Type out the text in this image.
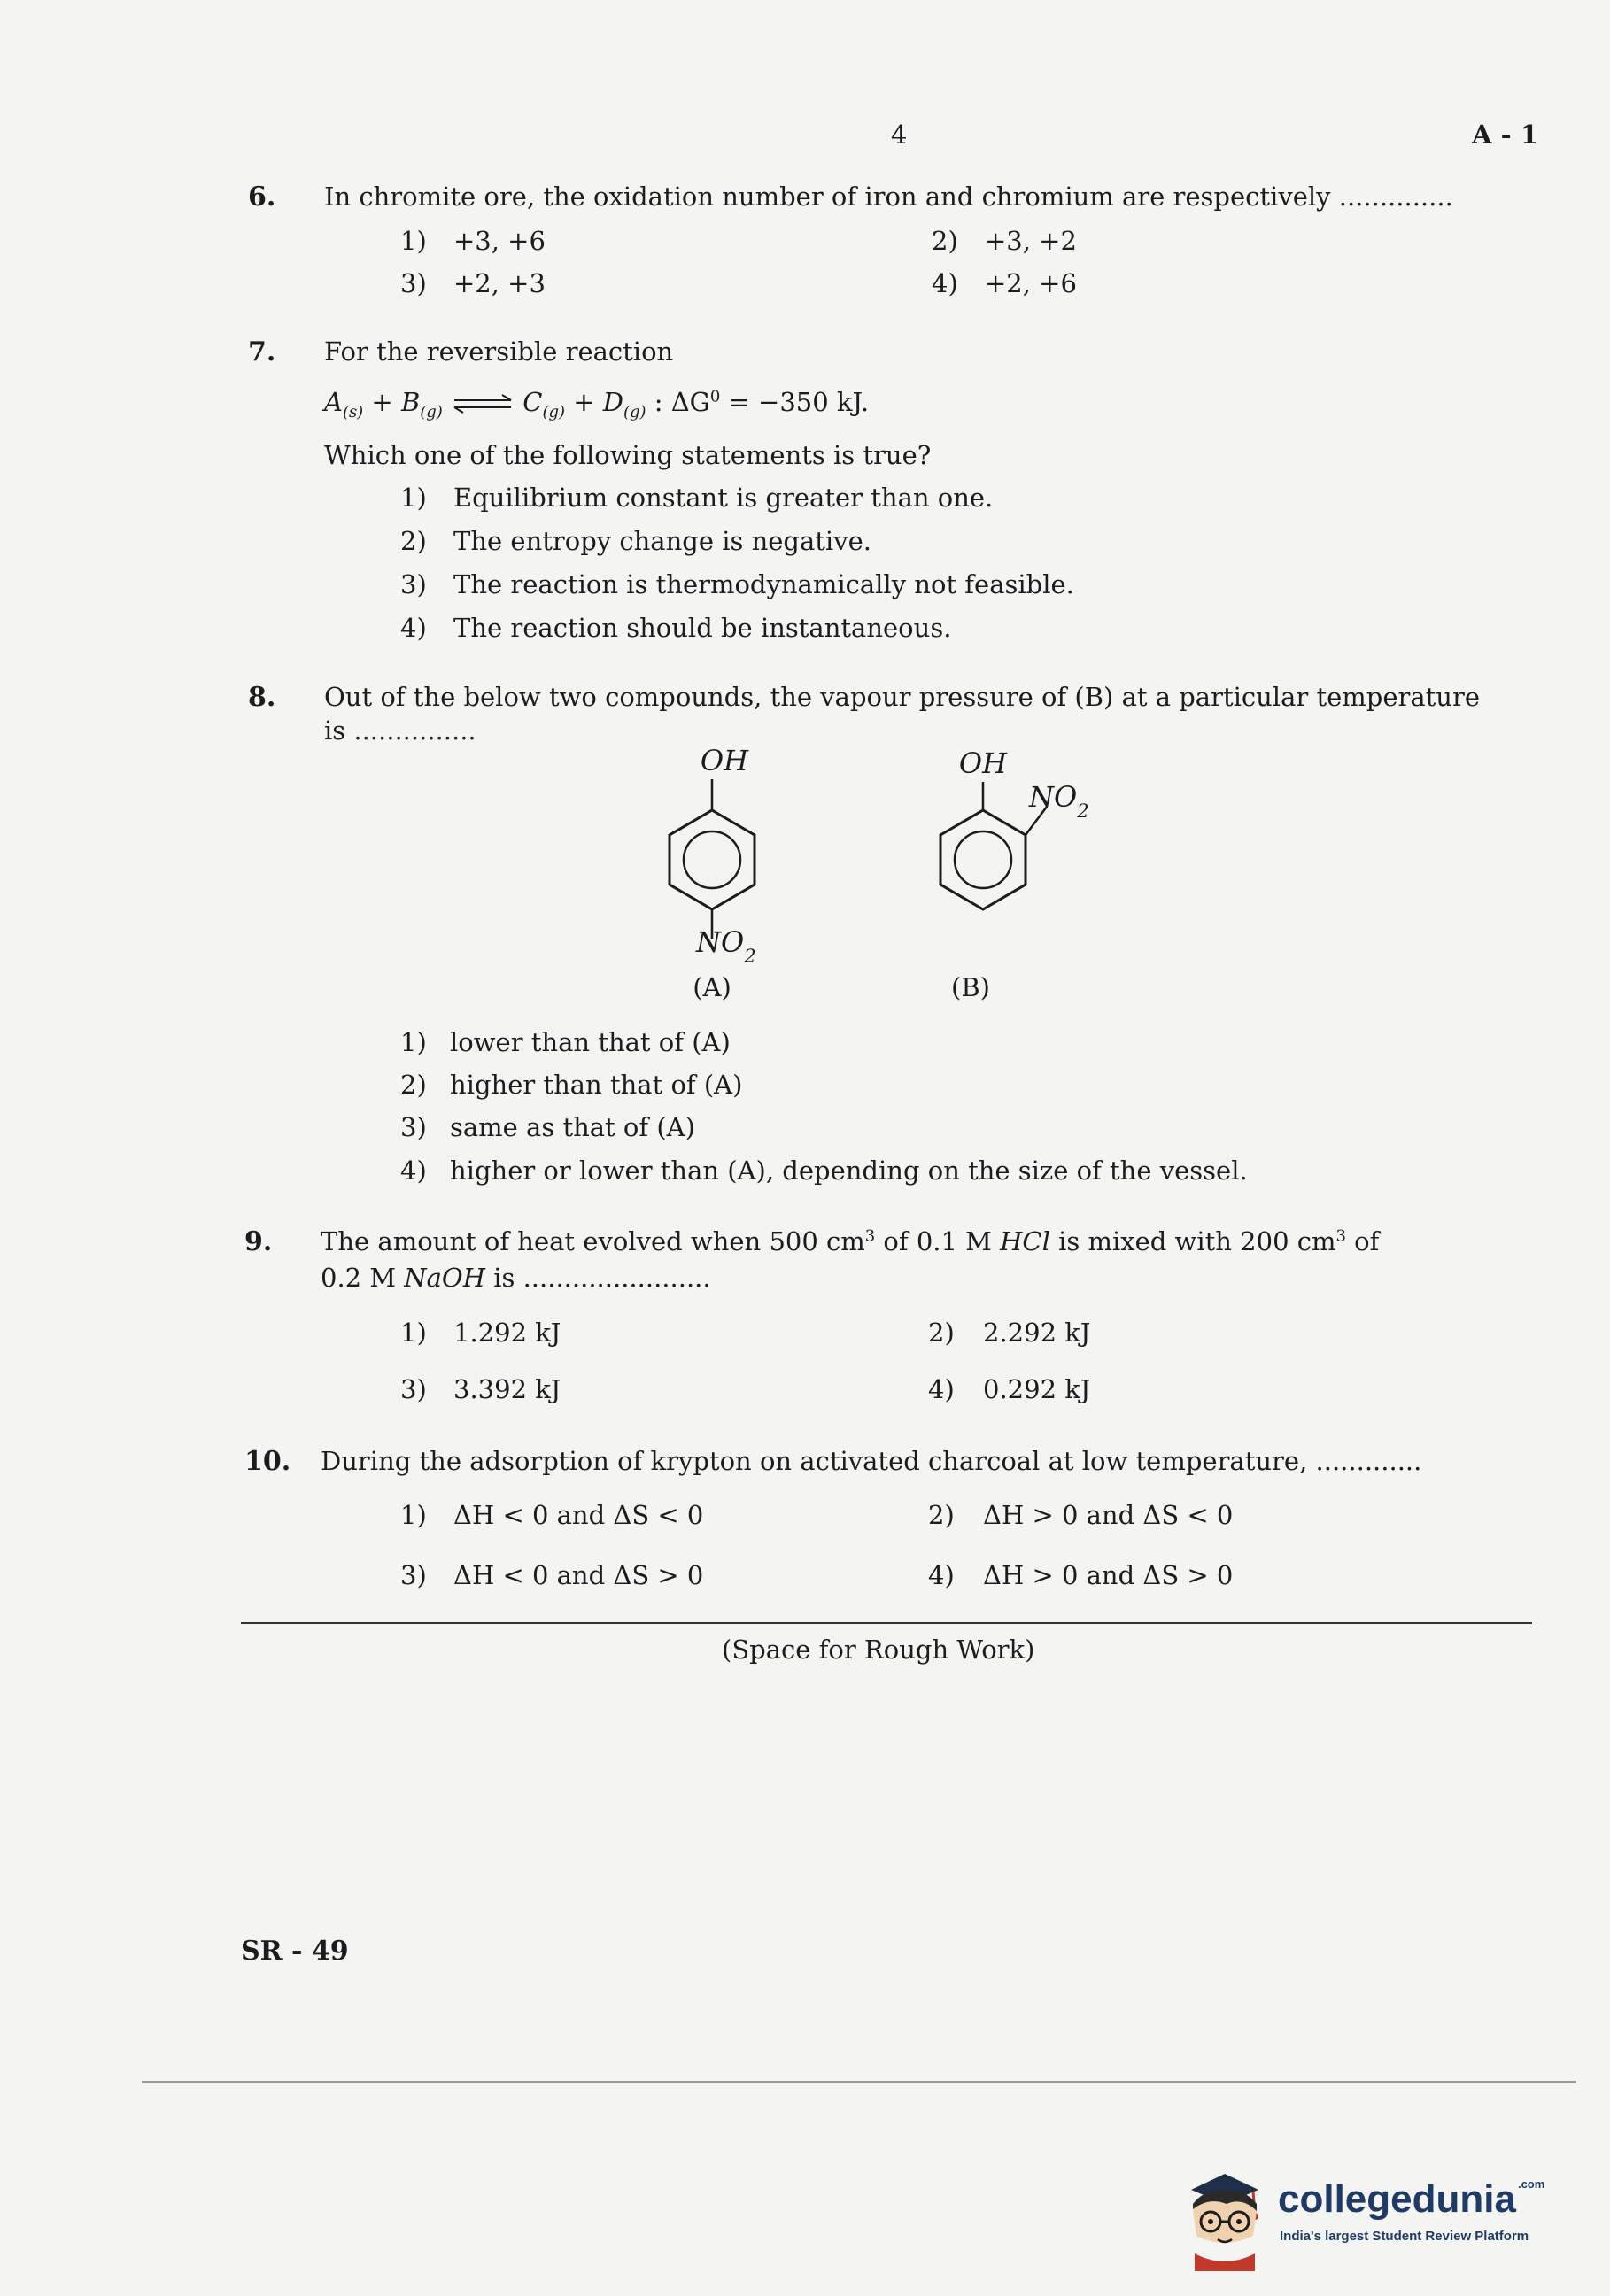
4	A - 1
6. In chromite ore, the oxidation number of iron and chromium are respectively ..............
1) +3, +6	2) +3, +2
3) +2, +3	4) +2, +6
7. For the reversible reaction
$A_{(s)} + B_{(g)}$ ⇌ $C_{(g)} + D_{(g)}$ : $\Delta G^0 = -350$ kJ.
Which one of the following statements is true?
1) Equilibrium constant is greater than one.
2) The entropy change is negative.
3) The reaction is thermodynamically not feasible.
4) The reaction should be instantaneous.
8. Out of the below two compounds, the vapour pressure of (B) at a particular temperature
is ...............
OH
$NO_2$
(A)
OH
$NO_2$
(B)
1) lower than that of (A)
2) higher than that of (A)
3) same as that of (A)
4) higher or lower than (A), depending on the size of the vessel.
9. The amount of heat evolved when 500 $cm^3$ of 0.1 M HCl is mixed with 200 $cm^3$ of
0.2 M NaOH is .......................
1) 1.292 kJ	2) 2.292 kJ
3) 3.392 kJ	4) 0.292 kJ
10. During the adsorption of krypton on activated charcoal at low temperature, .............
1) ΔH < 0 and ΔS < 0	2) ΔH > 0 and ΔS < 0
3) ΔH < 0 and ΔS > 0	4) ΔH > 0 and ΔS > 0
(Space for Rough Work)
SR - 49
collegedunia $^{.com}$
India's largest Student Review Platform
